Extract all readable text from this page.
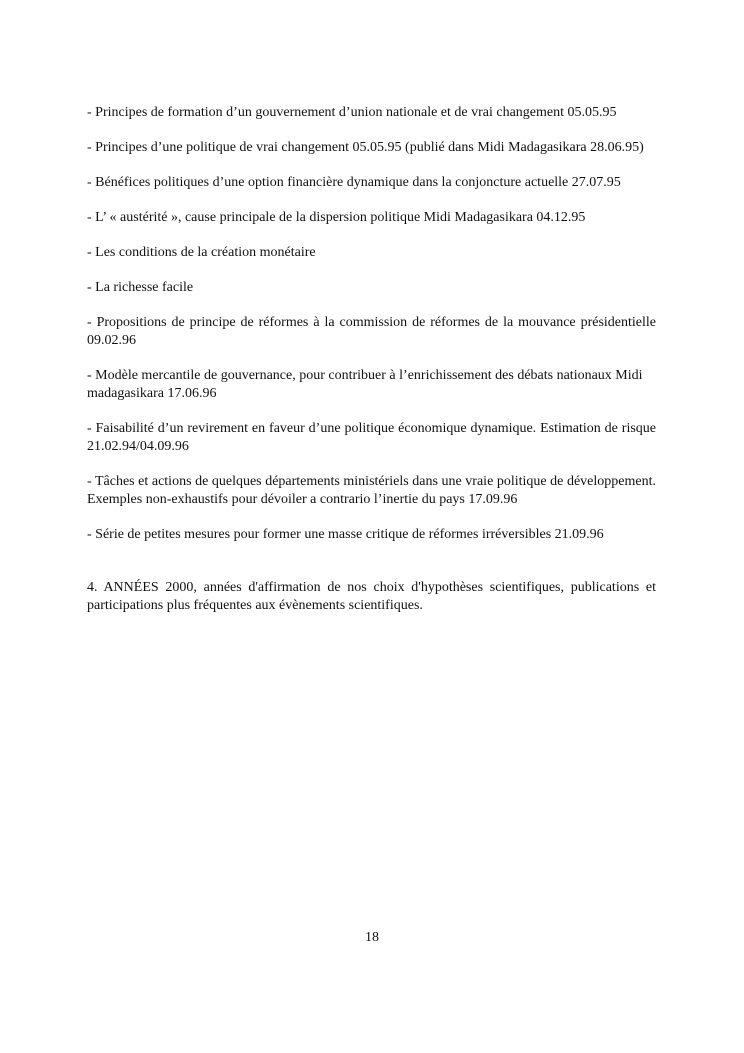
- Principes de formation d’un gouvernement d’union nationale et de vrai changement 05.05.95

- Principes d’une politique de vrai changement 05.05.95 (publié dans Midi Madagasikara 28.06.95)

- Bénéfices politiques d’une option financière dynamique dans la conjoncture actuelle 27.07.95

- L’ « austérité », cause principale de la dispersion politique Midi Madagasikara 04.12.95

- Les conditions de la création monétaire

- La richesse facile

- Propositions de principe de réformes à la commission de réformes de la mouvance présidentielle 09.02.96

- Modèle mercantile de gouvernance, pour contribuer à l’enrichissement des débats nationaux Midi madagasikara 17.06.96

- Faisabilité d’un revirement en faveur d’une politique économique dynamique. Estimation de risque 21.02.94/04.09.96

- Tâches et actions de quelques départements ministériels dans une vraie politique de développement. Exemples non-exhaustifs pour dévoiler a contrario l’inertie du pays 17.09.96

- Série de petites mesures pour former une masse critique de réformes irréversibles 21.09.96

4. ANNÉES 2000, années d'affirmation de nos choix d'hypothèses scientifiques, publications et participations plus fréquentes aux évènements scientifiques.

18
